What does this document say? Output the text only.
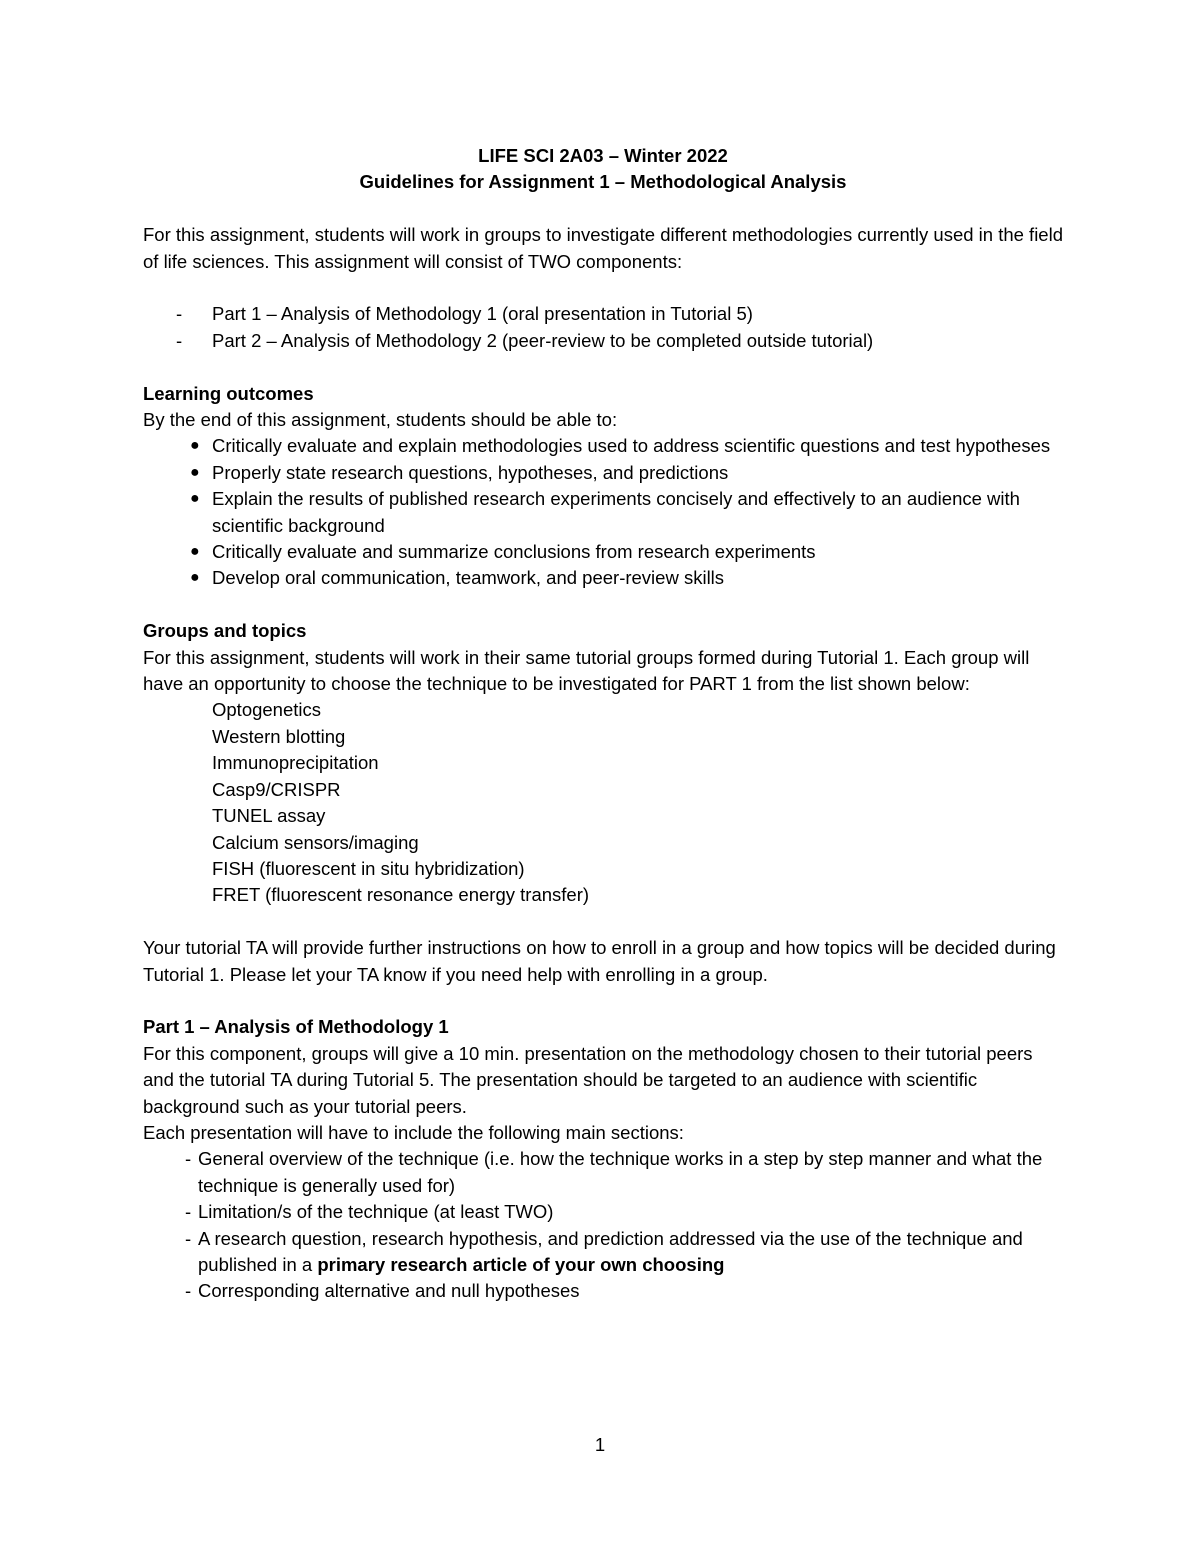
LIFE SCI 2A03 – Winter 2022

Guidelines for Assignment 1 – Methodological Analysis

For this assignment, students will work in groups to investigate different methodologies currently used in the field of life sciences. This assignment will consist of TWO components:

- Part 1 – Analysis of Methodology 1 (oral presentation in Tutorial 5)
- Part 2 – Analysis of Methodology 2 (peer-review to be completed outside tutorial)

Learning outcomes

By the end of this assignment, students should be able to:

● Critically evaluate and explain methodologies used to address scientific questions and test hypotheses
● Properly state research questions, hypotheses, and predictions
● Explain the results of published research experiments concisely and effectively to an audience with scientific background
● Critically evaluate and summarize conclusions from research experiments
● Develop oral communication, teamwork, and peer-review skills

Groups and topics

For this assignment, students will work in their same tutorial groups formed during Tutorial 1. Each group will have an opportunity to choose the technique to be investigated for PART 1 from the list shown below:

Optogenetics
Western blotting
Immunoprecipitation
Casp9/CRISPR
TUNEL assay
Calcium sensors/imaging
FISH (fluorescent in situ hybridization)
FRET (fluorescent resonance energy transfer)

Your tutorial TA will provide further instructions on how to enroll in a group and how topics will be decided during Tutorial 1. Please let your TA know if you need help with enrolling in a group.

Part 1 – Analysis of Methodology 1

For this component, groups will give a 10 min. presentation on the methodology chosen to their tutorial peers and the tutorial TA during Tutorial 5. The presentation should be targeted to an audience with scientific background such as your tutorial peers.

Each presentation will have to include the following main sections:

- General overview of the technique (i.e. how the technique works in a step by step manner and what the technique is generally used for)
- Limitation/s of the technique (at least TWO)
- A research question, research hypothesis, and prediction addressed via the use of the technique and published in a primary research article of your own choosing
- Corresponding alternative and null hypotheses
1
